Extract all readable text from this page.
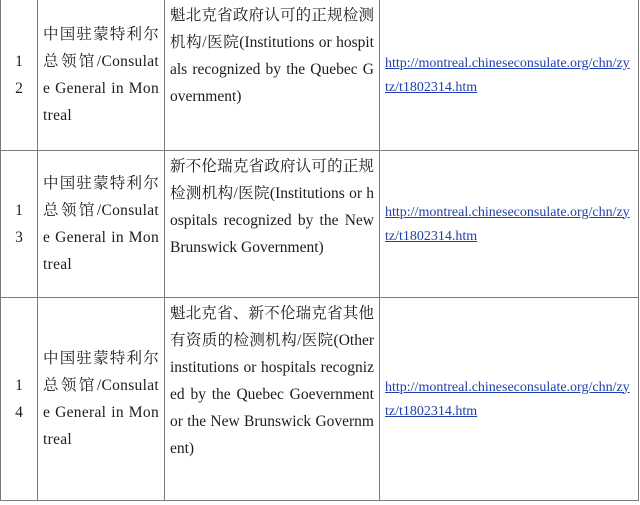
12	中国驻蒙特利尔总领馆/Consulate General in Montreal	魁北克省政府认可的正规检测机构/医院(Institutions or hospitals recognized by the Quebec Government)	http://montreal.chineseconsulate.org/chn/zytz/t1802314.htm

13	中国驻蒙特利尔总领馆/Consulate General in Montreal	新不伦瑞克省政府认可的正规检测机构/医院(Institutions or hospitals recognized by the New Brunswick Government)	http://montreal.chineseconsulate.org/chn/zytz/t1802314.htm

14	中国驻蒙特利尔总领馆/Consulate General in Montreal	魁北克省、新不伦瑞克省其他有资质的检测机构/医院(Other institutions or hospitals recognized by the Quebec Goevernment or the New Brunswick Government)	http://montreal.chineseconsulate.org/chn/zytz/t1802314.htm
